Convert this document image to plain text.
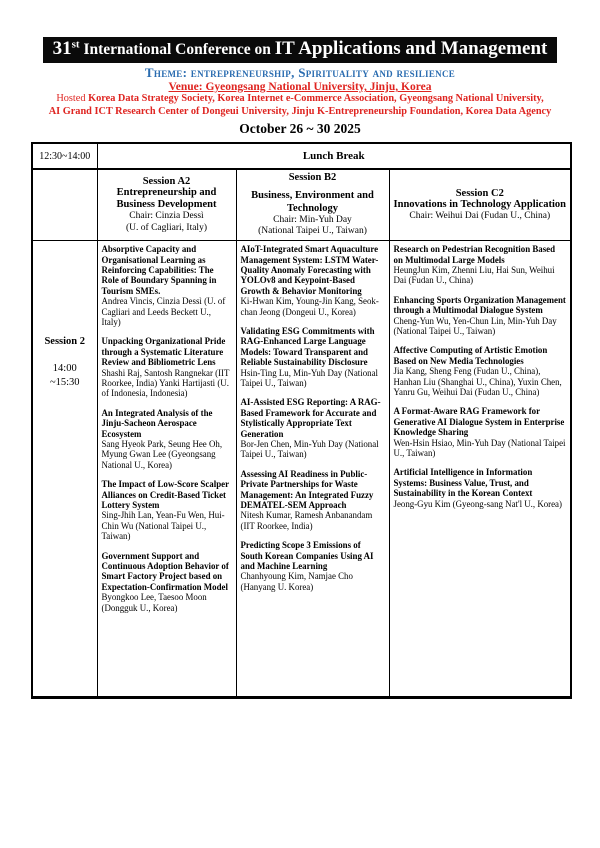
31st International Conference on IT Applications and Management
Theme: entrepreneurship, Spirituality and resilience
Venue: Gyeongsang National University, Jinju, Korea
Hosted Korea Data Strategy Society, Korea Internet e-Commerce Association, Gyeongsang National University,
AI Grand ICT Research Center of Dongeui University, Jinju K-Entrepreneurship Foundation, Korea Data Agency
October 26 ~ 30 2025
12:30~14:00	Lunch Break		

	Session A2
Entrepreneurship and Business Development
Chair: Cinzia Dessì
(U. of Cagliari, Italy)	Session B2
Business, Environment and Technology
Chair: Min-Yuh Day
(National Taipei U., Taiwan)	Session C2
Innovations in Technology Application
Chair: Weihui Dai (Fudan U., China)

Session 2
14:00
~15:30

Absorptive Capacity and Organisational Learning as Reinforcing Capabilities: The Role of Boundary Spanning in Tourism SMEs.
Andrea Vincis, Cinzia Dessì (U. of Cagliari and Leeds Beckett U., Italy)
Unpacking Organizational Pride through a Systematic Literature Review and Bibliometric Lens
Shashi Raj, Santosh Rangnekar (IIT Roorkee, India) Yanki Hartijasti (U. of Indonesia, Indonesia)
An Integrated Analysis of the Jinju-Sacheon Aerospace Ecosystem
Sang Hyeok Park, Seung Hee Oh, Myung Gwan Lee (Gyeongsang National U., Korea)
The Impact of Low-Score Scalper Alliances on Credit-Based Ticket Lottery System
Sing-Jhih Lan, Yean-Fu Wen, Hui-Chin Wu (National Taipei U., Taiwan)
Government Support and Continuous Adoption Behavior of Smart Factory Project based on Expectation-Confirmation Model
Byongkoo Lee, Taesoo Moon (Dongguk U., Korea)

AIoT-Integrated Smart Aquaculture Management System: LSTM Water-Quality Anomaly Forecasting with YOLOv8 and Keypoint-Based Growth & Behavior Monitoring
Ki-Hwan Kim, Young-Jin Kang, Seok-chan Jeong (Dongeui U., Korea)
Validating ESG Commitments with RAG-Enhanced Large Language Models: Toward Transparent and Reliable Sustainability Disclosure
Hsin-Ting Lu, Min-Yuh Day (National Taipei U., Taiwan)
AI-Assisted ESG Reporting: A RAG-Based Framework for Accurate and Stylistically Appropriate Text Generation
Bor-Jen Chen, Min-Yuh Day (National Taipei U., Taiwan)
Assessing AI Readiness in Public-Private Partnerships for Waste Management: An Integrated Fuzzy DEMATEL-SEM Approach
Nitesh Kumar, Ramesh Anbanandam (IIT Roorkee, India)
Predicting Scope 3 Emissions of South Korean Companies Using AI and Machine Learning
Chanhyoung Kim, Namjae Cho (Hanyang U. Korea)

Research on Pedestrian Recognition Based on Multimodal Large Models
HeungJun Kim, Zhenni Liu, Hai Sun, Weihui Dai (Fudan U., China)
Enhancing Sports Organization Management through a Multimodal Dialogue System
Cheng-Yun Wu, Yen-Chun Lin, Min-Yuh Day (National Taipei U., Taiwan)
Affective Computing of Artistic Emotion Based on New Media Technologies
Jia Kang, Sheng Feng (Fudan U., China), Hanhan Liu (Shanghai U., China), Yuxin Chen, Yanru Gu, Weihui Dai (Fudan U., China)
A Format-Aware RAG Framework for Generative AI Dialogue System in Enterprise Knowledge Sharing
Wen-Hsin Hsiao, Min-Yuh Day (National Taipei U., Taiwan)
Artificial Intelligence in Information Systems: Business Value, Trust, and Sustainability in the Korean Context
Jeong-Gyu Kim (Gyeong-sang Nat'l U., Korea)
